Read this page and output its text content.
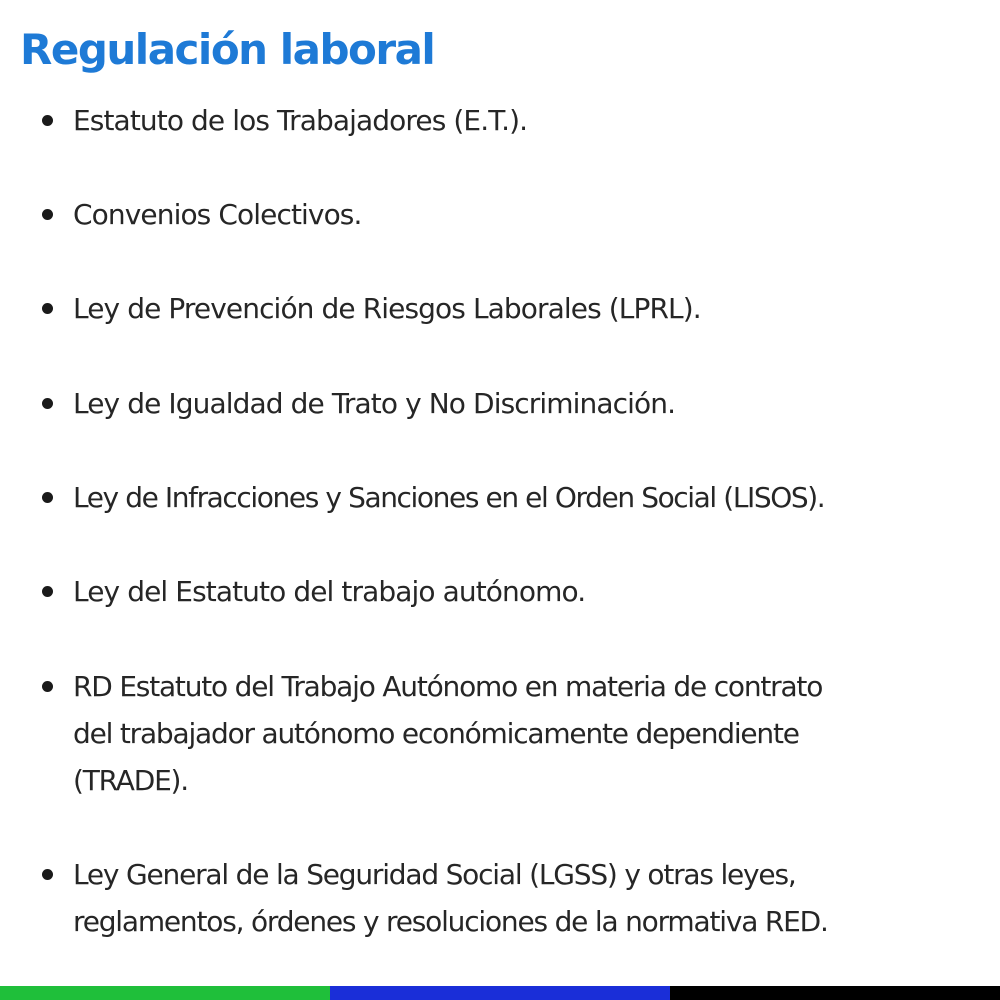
Regulación laboral
Estatuto de los Trabajadores (E.T.).
Convenios Colectivos.
Ley de Prevención de Riesgos Laborales (LPRL).
Ley de Igualdad de Trato y No Discriminación.
Ley de Infracciones y Sanciones en el Orden Social (LISOS).
Ley del Estatuto del trabajo autónomo.
RD Estatuto del Trabajo Autónomo en materia de contrato
del trabajador autónomo económicamente dependiente
(TRADE).
Ley General de la Seguridad Social (LGSS) y otras leyes,
reglamentos, órdenes y resoluciones de la normativa RED.
